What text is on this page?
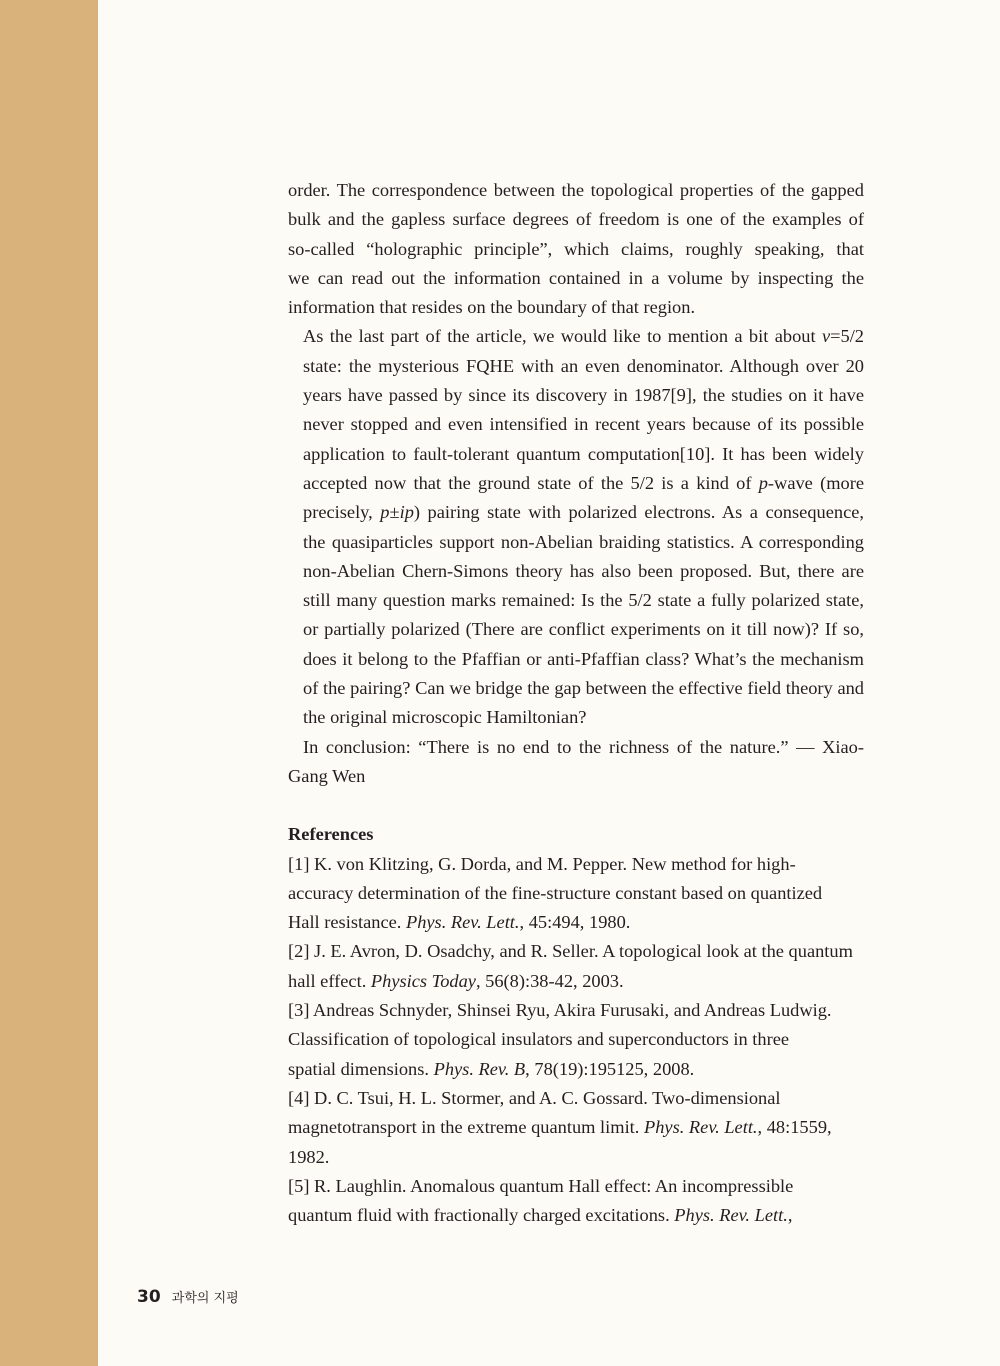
order. The correspondence between the topological properties of the gapped
bulk and the gapless surface degrees of freedom is one of the examples of
so-called “holographic principle”, which claims, roughly speaking, that
we can read out the information contained in a volume by inspecting the
information that resides on the boundary of that region.

As the last part of the article, we would like to mention a bit about ν=5/2
state: the mysterious FQHE with an even denominator. Although over 20
years have passed by since its discovery in 1987[9], the studies on it have
never stopped and even intensified in recent years because of its possible
application to fault-tolerant quantum computation[10]. It has been widely
accepted now that the ground state of the 5/2 is a kind of p-wave (more
precisely, p±ip) pairing state with polarized electrons. As a consequence,
the quasiparticles support non-Abelian braiding statistics. A corresponding
non-Abelian Chern-Simons theory has also been proposed. But, there are
still many question marks remained: Is the 5/2 state a fully polarized state,
or partially polarized (There are conflict experiments on it till now)? If so,
does it belong to the Pfaffian or anti-Pfaffian class? What’s the mechanism
of the pairing? Can we bridge the gap between the effective field theory and
the original microscopic Hamiltonian?

In conclusion: “There is no end to the richness of the nature.” — Xiao-
Gang Wen

References

[1] K. von Klitzing, G. Dorda, and M. Pepper. New method for high-
accuracy determination of the fine-structure constant based on quantized
Hall resistance. Phys. Rev. Lett., 45:494, 1980.

[2] J. E. Avron, D. Osadchy, and R. Seller. A topological look at the quantum
hall effect. Physics Today, 56(8):38-42, 2003.

[3] Andreas Schnyder, Shinsei Ryu, Akira Furusaki, and Andreas Ludwig.
Classification of topological insulators and superconductors in three
spatial dimensions. Phys. Rev. B, 78(19):195125, 2008.

[4] D. C. Tsui, H. L. Stormer, and A. C. Gossard. Two-dimensional
magnetotransport in the extreme quantum limit. Phys. Rev. Lett., 48:1559,
1982.

[5] R. Laughlin. Anomalous quantum Hall effect: An incompressible
quantum fluid with fractionally charged excitations. Phys. Rev. Lett.,

30 과학의 지평
